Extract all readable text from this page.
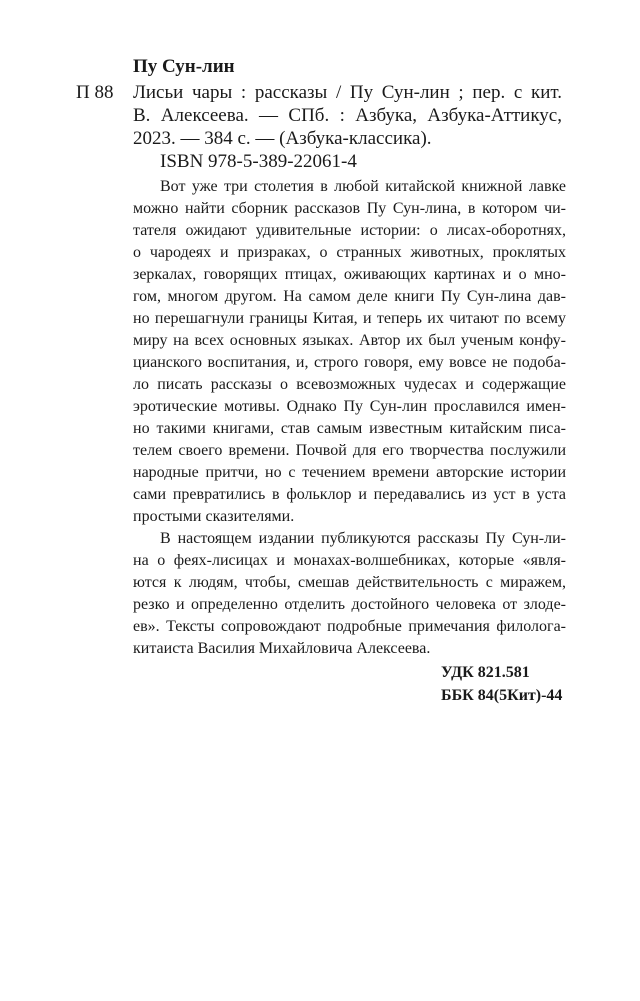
Пу Сун-лин
П 88 Лисьи чары : рассказы / Пу Сун-лин ; пер. с кит.
В. Алексеева. — СПб. : Азбука, Азбука-Аттикус,
2023. — 384 с. — (Азбука-классика).
ISBN 978-5-389-22061-4
Вот уже три столетия в любой китайской книжной лавке
можно найти сборник рассказов Пу Сун-лина, в котором чи-
тателя ожидают удивительные истории: о лисах-оборотнях,
о чародеях и призраках, о странных животных, проклятых
зеркалах, говорящих птицах, оживающих картинах и о мно-
гом, многом другом. На самом деле книги Пу Сун-лина дав-
но перешагнули границы Китая, и теперь их читают по всему
миру на всех основных языках. Автор их был ученым конфу-
цианского воспитания, и, строго говоря, ему вовсе не подоба-
ло писать рассказы о всевозможных чудесах и содержащие
эротические мотивы. Однако Пу Сун-лин прославился имен-
но такими книгами, став самым известным китайским писа-
телем своего времени. Почвой для его творчества послужили
народные притчи, но с течением времени авторские истории
сами превратились в фольклор и передавались из уст в уста
простыми сказителями.
В настоящем издании публикуются рассказы Пу Сун-ли-
на о феях-лисицах и монахах-волшебниках, которые «явля-
ются к людям, чтобы, смешав действительность с миражем,
резко и определенно отделить достойного человека от злоде-
ев». Тексты сопровождают подробные примечания филолога-
китаиста Василия Михайловича Алексеева.
УДК 821.581
ББК 84(5Кит)-44
